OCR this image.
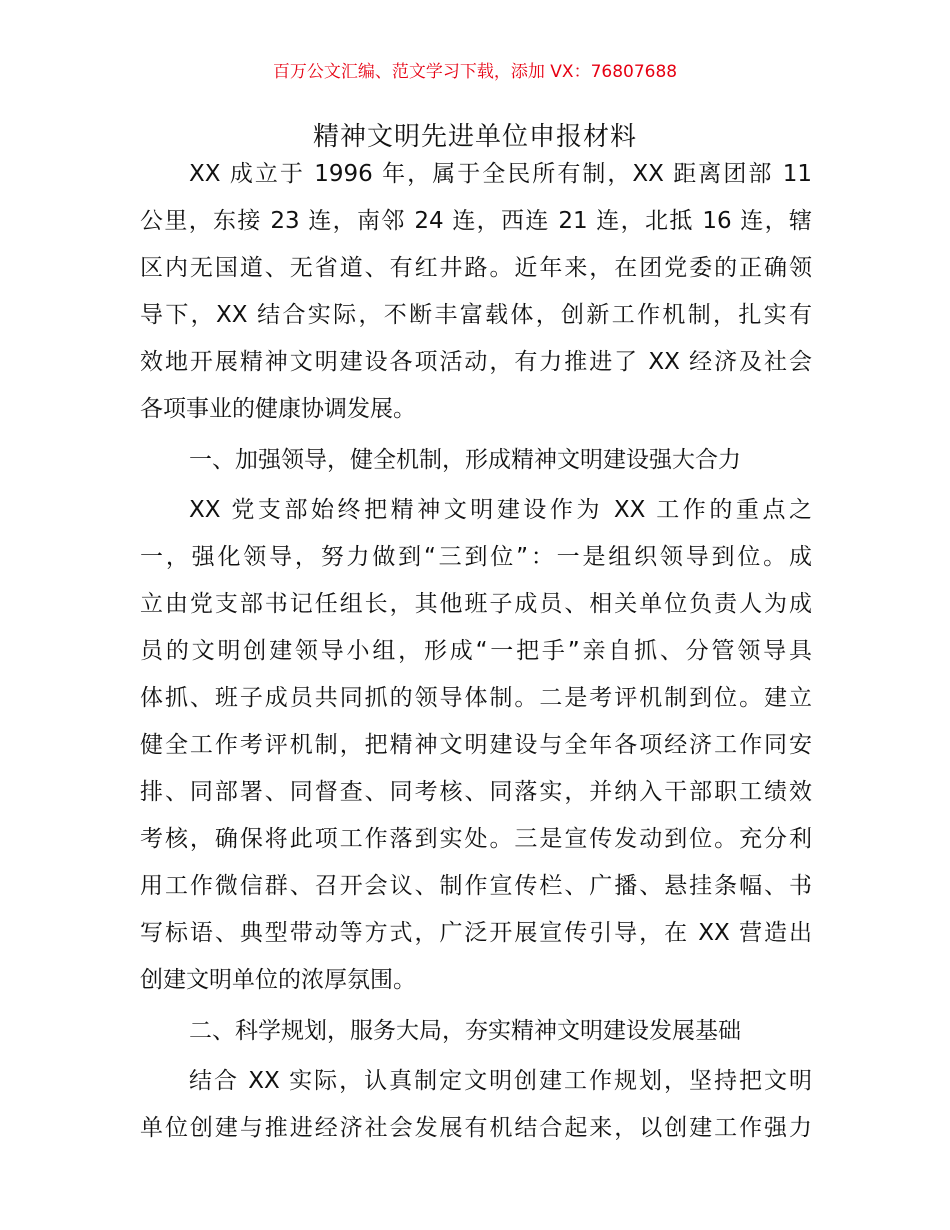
百万公文汇编、范文学习下载，添加 VX：76807688
精神文明先进单位申报材料
XX 成立于 1996 年，属于全民所有制，XX 距离团部 11
公里，东接 23 连，南邻 24 连，西连 21 连，北抵 16 连，辖
区内无国道、无省道、有红井路。近年来，在团党委的正确领
导下，XX 结合实际，不断丰富载体，创新工作机制，扎实有
效地开展精神文明建设各项活动，有力推进了 XX 经济及社会
各项事业的健康协调发展。
一、加强领导，健全机制，形成精神文明建设强大合力
XX 党支部始终把精神文明建设作为 XX 工作的重点之
一，强化领导，努力做到“三到位”：一是组织领导到位。成
立由党支部书记任组长，其他班子成员、相关单位负责人为成
员的文明创建领导小组，形成“一把手”亲自抓、分管领导具
体抓、班子成员共同抓的领导体制。二是考评机制到位。建立
健全工作考评机制，把精神文明建设与全年各项经济工作同安
排、同部署、同督查、同考核、同落实，并纳入干部职工绩效
考核，确保将此项工作落到实处。三是宣传发动到位。充分利
用工作微信群、召开会议、制作宣传栏、广播、悬挂条幅、书
写标语、典型带动等方式，广泛开展宣传引导，在 XX 营造出
创建文明单位的浓厚氛围。
二、科学规划，服务大局，夯实精神文明建设发展基础
结合 XX 实际，认真制定文明创建工作规划，坚持把文明
单位创建与推进经济社会发展有机结合起来，以创建工作强力
